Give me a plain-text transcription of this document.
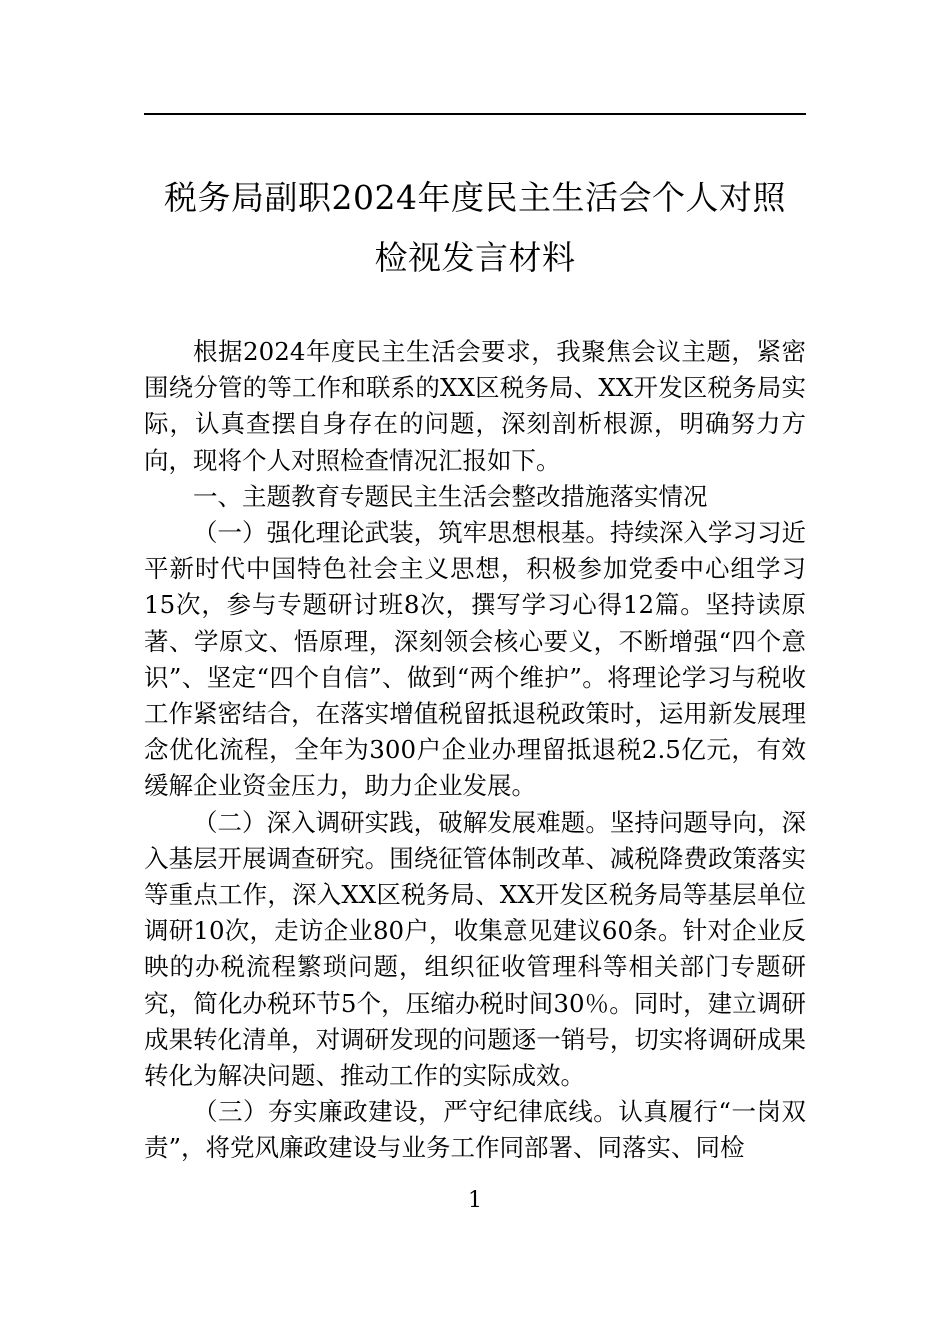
税务局副职2024年度民主生活会个人对照
检视发言材料

根据2024年度民主生活会要求，我聚焦会议主题，紧密围绕分管的等工作和联系的XX区税务局、XX开发区税务局实际，认真查摆自身存在的问题，深刻剖析根源，明确努力方向，现将个人对照检查情况汇报如下。

一、主题教育专题民主生活会整改措施落实情况

（一）强化理论武装，筑牢思想根基。持续深入学习习近平新时代中国特色社会主义思想，积极参加党委中心组学习15次，参与专题研讨班8次，撰写学习心得12篇。坚持读原著、学原文、悟原理，深刻领会核心要义，不断增强“四个意识”、坚定“四个自信”、做到“两个维护”。将理论学习与税收工作紧密结合，在落实增值税留抵退税政策时，运用新发展理念优化流程，全年为300户企业办理留抵退税2.5亿元，有效缓解企业资金压力，助力企业发展。

（二）深入调研实践，破解发展难题。坚持问题导向，深入基层开展调查研究。围绕征管体制改革、减税降费政策落实等重点工作，深入XX区税务局、XX开发区税务局等基层单位调研10次，走访企业80户，收集意见建议60条。针对企业反映的办税流程繁琐问题，组织征收管理科等相关部门专题研究，简化办税环节5个，压缩办税时间30％。同时，建立调研成果转化清单，对调研发现的问题逐一销号，切实将调研成果转化为解决问题、推动工作的实际成效。

（三）夯实廉政建设，严守纪律底线。认真履行“一岗双责”，将党风廉政建设与业务工作同部署、同落实、同检

1
